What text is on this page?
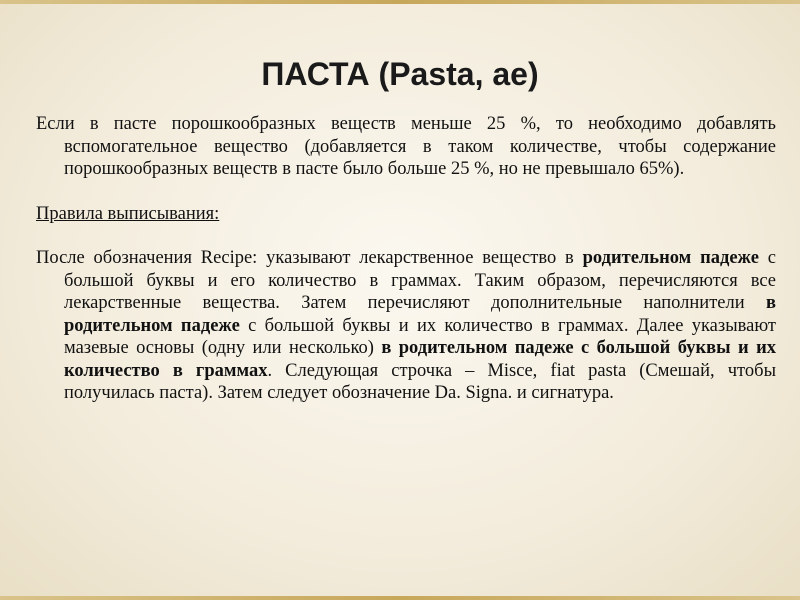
ПАСТА (Pasta, ae)

Если в пасте порошкообразных веществ меньше 25 %, то необходимо добавлять вспомогательное вещество (добавляется в таком количестве, чтобы содержание порошкообразных веществ в пасте было больше 25 %, но не превышало 65%).

Правила выписывания:

После обозначения Recipe: указывают лекарственное вещество в родительном падеже с большой буквы и его количество в граммах. Таким образом, перечисляются все лекарственные вещества. Затем перечисляют дополнительные наполнители в родительном падеже с большой буквы и их количество в граммах. Далее указывают мазевые основы (одну или несколько) в родительном падеже с большой буквы и их количество в граммах. Следующая строчка – Misce, fiat pasta (Смешай, чтобы получилась паста). Затем следует обозначение Da. Signa. и сигнатура.
